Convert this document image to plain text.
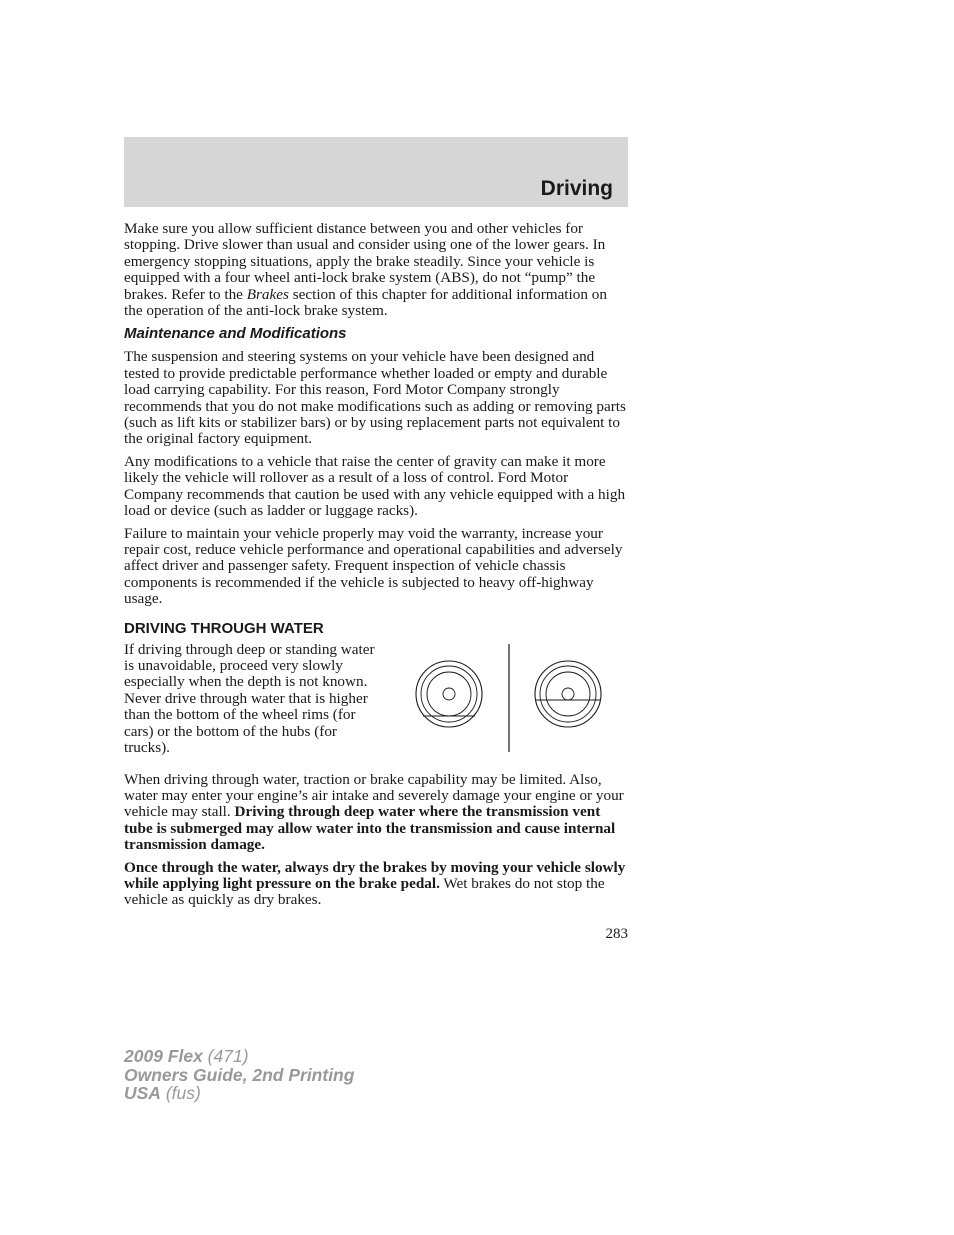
Driving

Make sure you allow sufficient distance between you and other vehicles for stopping. Drive slower than usual and consider using one of the lower gears. In emergency stopping situations, apply the brake steadily. Since your vehicle is equipped with a four wheel anti-lock brake system (ABS), do not “pump” the brakes. Refer to the Brakes section of this chapter for additional information on the operation of the anti-lock brake system.

Maintenance and Modifications

The suspension and steering systems on your vehicle have been designed and tested to provide predictable performance whether loaded or empty and durable load carrying capability. For this reason, Ford Motor Company strongly recommends that you do not make modifications such as adding or removing parts (such as lift kits or stabilizer bars) or by using replacement parts not equivalent to the original factory equipment.

Any modifications to a vehicle that raise the center of gravity can make it more likely the vehicle will rollover as a result of a loss of control. Ford Motor Company recommends that caution be used with any vehicle equipped with a high load or device (such as ladder or luggage racks).

Failure to maintain your vehicle properly may void the warranty, increase your repair cost, reduce vehicle performance and operational capabilities and adversely affect driver and passenger safety. Frequent inspection of vehicle chassis components is recommended if the vehicle is subjected to heavy off-highway usage.

DRIVING THROUGH WATER

If driving through deep or standing water is unavoidable, proceed very slowly especially when the depth is not known. Never drive through water that is higher than the bottom of the wheel rims (for cars) or the bottom of the hubs (for trucks).

When driving through water, traction or brake capability may be limited. Also, water may enter your engine’s air intake and severely damage your engine or your vehicle may stall. Driving through deep water where the transmission vent tube is submerged may allow water into the transmission and cause internal transmission damage.

Once through the water, always dry the brakes by moving your vehicle slowly while applying light pressure on the brake pedal. Wet brakes do not stop the vehicle as quickly as dry brakes.

283
2009 Flex (471)
Owners Guide, 2nd Printing
USA (fus)
